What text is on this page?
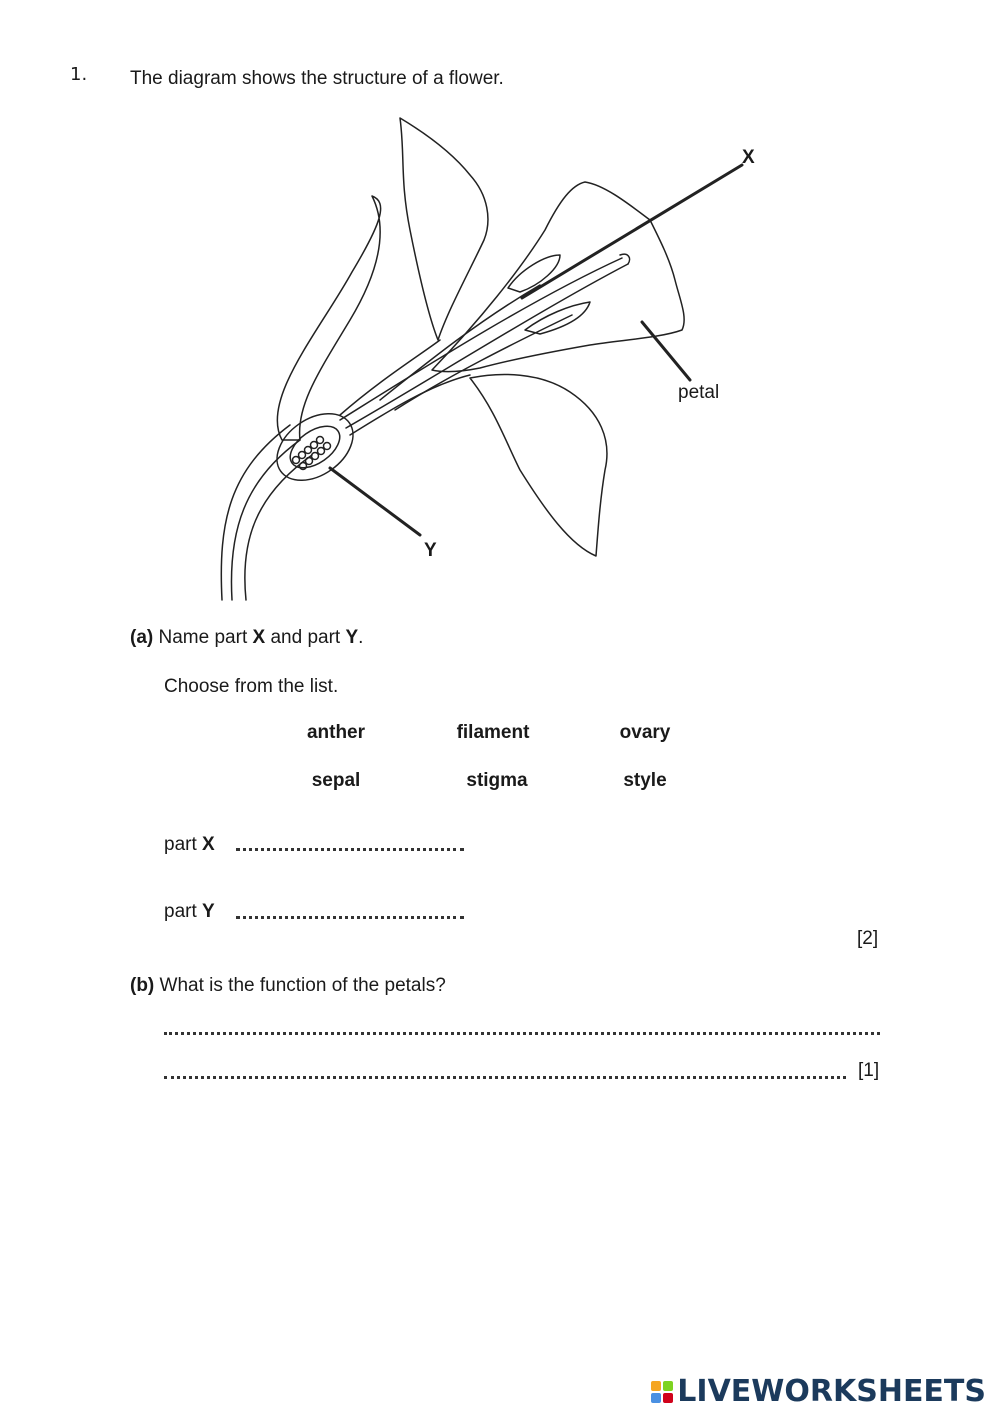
1. The diagram shows the structure of a flower.
X
petal
Y
(a) Name part X and part Y.
Choose from the list.
anther	filament	ovary
sepal	stigma	style
part X
part Y
[2]
(b) What is the function of the petals?
[1]
LIVEWORKSHEETS
